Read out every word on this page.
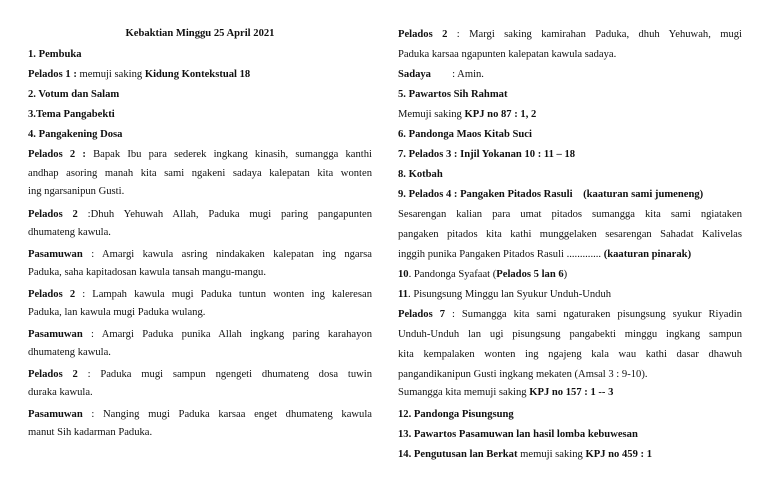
Kebaktian Minggu 25 April 2021
1. Pembuka
Pelados 1 : memuji saking Kidung Kontekstual 18
2. Votum dan Salam
3.Tema Pangabekti
4. Pangakening Dosa
Pelados 2 : Bapak Ibu para sederek ingkang kinasih, sumangga kanthi
andhap asoring manah kita sami ngakeni sadaya kalepatan kita wonten
ing ngarsanipun Gusti.
Pelados 2 :Dhuh Yehuwah Allah, Paduka mugi paring pangapunten
dhumateng kawula.
Pasamuwan : Amargi kawula asring nindakaken kalepatan ing ngarsa
Paduka, saha kapitadosan kawula tansah mangu-mangu.
Pelados 2 : Lampah kawula mugi Paduka tuntun wonten ing kaleresan
Paduka, lan kawula mugi Paduka wulang.
Pasamuwan : Amargi Paduka punika Allah ingkang paring karahayon
dhumateng kawula.
Pelados 2 : Paduka mugi sampun ngengeti dhumateng dosa tuwin
duraka kawula.
Pasamuwan : Nanging mugi Paduka karsaa enget dhumateng kawula
manut Sih kadarman Paduka.
Pelados 2 : Margi saking kamirahan Paduka, dhuh Yehuwah, mugi
Paduka karsaa ngapunten kalepatan kawula sadaya.
Sadaya        : Amin.
5. Pawartos Sih Rahmat
Memuji saking KPJ no 87 : 1, 2
6. Pandonga Maos Kitab Suci
7. Pelados 3 : Injil Yokanan 10 : 11 – 18
8. Kotbah
9. Pelados 4 : Pangaken Pitados Rasuli    (kaaturan sami jumeneng)
Sesarengan kalian para umat pitados sumangga kita sami ngiataken
pangaken pitados kita kathi munggelaken sesarengan Sahadat Kalivelas
inggih punika Pangaken Pitados Rasuli ............. (kaaturan pinarak)
10. Pandonga Syafaat (Pelados 5 lan 6)
11. Pisungsung Minggu lan Syukur Unduh-Unduh
Pelados 7 : Sumangga kita sami ngaturaken pisungsung syukur Riyadin
Unduh-Unduh lan ugi pisungsung pangabekti minggu ingkang sampun
kita kempalaken wonten ing ngajeng kala wau kathi dasar dhawuh
pangandikanipun Gusti ingkang mekaten (Amsal 3 : 9-10).
Sumangga kita memuji saking KPJ no 157 : 1 -- 3
12. Pandonga Pisungsung
13. Pawartos Pasamuwan lan hasil lomba kebuwesan
14. Pengutusan lan Berkat memuji saking KPJ no 459 : 1
